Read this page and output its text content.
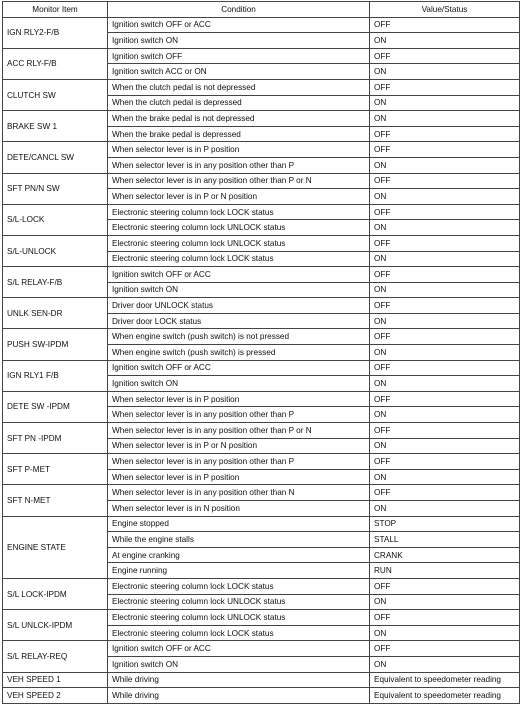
Monitor Item	Condition	Value/Status
IGN RLY2-F/B	Ignition switch OFF or ACC	OFF
	Ignition switch ON	ON
ACC RLY-F/B	Ignition switch OFF	OFF
	Ignition switch ACC or ON	ON
CLUTCH SW	When the clutch pedal is not depressed	OFF
	When the clutch pedal is depressed	ON
BRAKE SW 1	When the brake pedal is not depressed	ON
	When the brake pedal is depressed	OFF
DETE/CANCL SW	When selector lever is in P position	OFF
	When selector lever is in any position other than P	ON
SFT PN/N SW	When selector lever is in any position other than P or N	OFF
	When selector lever is in P or N position	ON
S/L-LOCK	Electronic steering column lock LOCK status	OFF
	Electronic steering column lock UNLOCK status	ON
S/L-UNLOCK	Electronic steering column lock UNLOCK status	OFF
	Electronic steering column lock LOCK status	ON
S/L RELAY-F/B	Ignition switch OFF or ACC	OFF
	Ignition switch ON	ON
UNLK SEN-DR	Driver door UNLOCK status	OFF
	Driver door LOCK status	ON
PUSH SW-IPDM	When engine switch (push switch) is not pressed	OFF
	When engine switch (push switch) is pressed	ON
IGN RLY1 F/B	Ignition switch OFF or ACC	OFF
	Ignition switch ON	ON
DETE SW -IPDM	When selector lever is in P position	OFF
	When selector lever is in any position other than P	ON
SFT PN -IPDM	When selector lever is in any position other than P or N	OFF
	When selector lever is in P or N position	ON
SFT P-MET	When selector lever is in any position other than P	OFF
	When selector lever is in P position	ON
SFT N-MET	When selector lever is in any position other than N	OFF
	When selector lever is in N position	ON
ENGINE STATE	Engine stopped	STOP
	While the engine stalls	STALL
	At engine cranking	CRANK
	Engine running	RUN
S/L LOCK-IPDM	Electronic steering column lock LOCK status	OFF
	Electronic steering column lock UNLOCK status	ON
S/L UNLCK-IPDM	Electronic steering column lock UNLOCK status	OFF
	Electronic steering column lock LOCK status	ON
S/L RELAY-REQ	Ignition switch OFF or ACC	OFF
	Ignition switch ON	ON
VEH SPEED 1	While driving	Equivalent to speedometer reading
VEH SPEED 2	While driving	Equivalent to speedometer reading
